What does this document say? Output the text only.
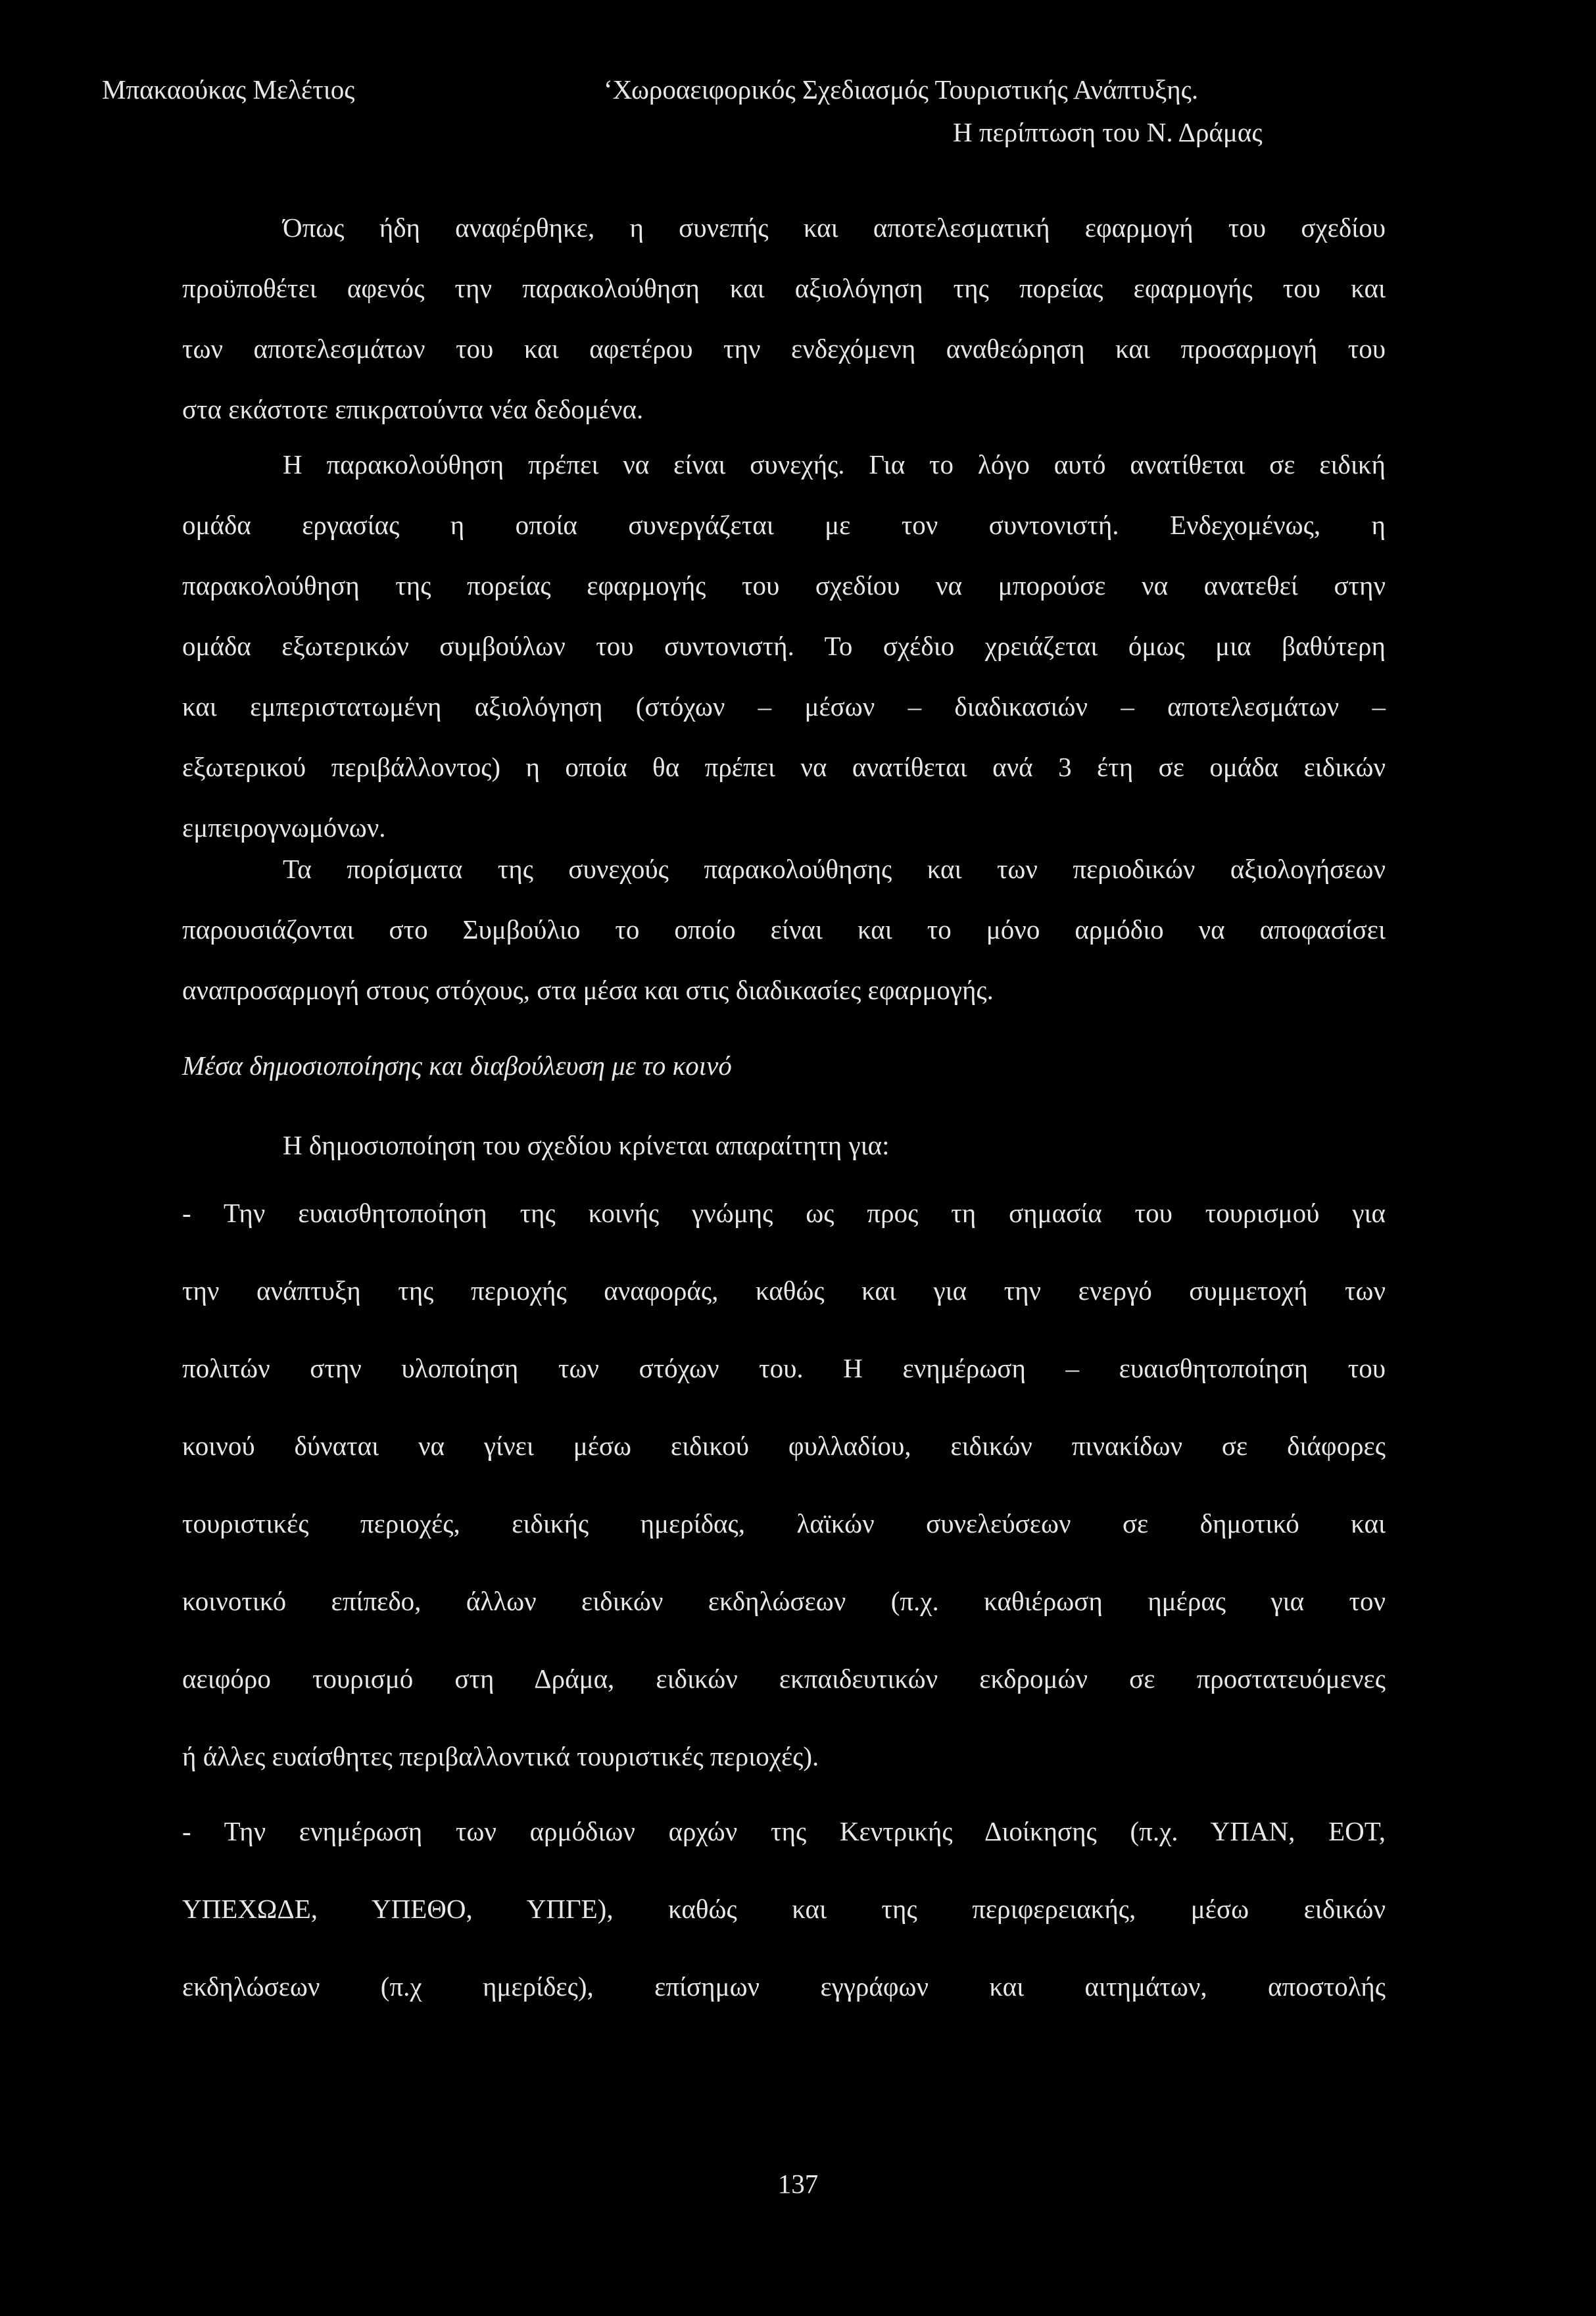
Μπακαούκας Μελέτιος	‘Χωροαειφορικός Σχεδιασμός Τουριστικής Ανάπτυξης.
Η περίπτωση του Ν. Δράμας

Όπως ήδη αναφέρθηκε, η συνεπής και αποτελεσματική εφαρμογή του σχεδίου

προϋποθέτει αφενός την παρακολούθηση και αξιολόγηση της πορείας εφαρμογής του και

των αποτελεσμάτων του και αφετέρου την ενδεχόμενη αναθεώρηση και προσαρμογή του

στα εκάστοτε επικρατούντα νέα δεδομένα.

Η παρακολούθηση πρέπει να είναι συνεχής. Για το λόγο αυτό ανατίθεται σε ειδική

ομάδα εργασίας η οποία συνεργάζεται με τον συντονιστή. Ενδεχομένως, η

παρακολούθηση της πορείας εφαρμογής του σχεδίου να μπορούσε να ανατεθεί στην

ομάδα εξωτερικών συμβούλων του συντονιστή. Το σχέδιο χρειάζεται όμως μια βαθύτερη

και εμπεριστατωμένη αξιολόγηση (στόχων – μέσων – διαδικασιών – αποτελεσμάτων –

εξωτερικού περιβάλλοντος) η οποία θα πρέπει να ανατίθεται ανά 3 έτη σε ομάδα ειδικών

εμπειρογνωμόνων.

Τα πορίσματα της συνεχούς παρακολούθησης και των περιοδικών αξιολογήσεων

παρουσιάζονται στο Συμβούλιο το οποίο είναι και το μόνο αρμόδιο να αποφασίσει

αναπροσαρμογή στους στόχους, στα μέσα και στις διαδικασίες εφαρμογής.

Μέσα δημοσιοποίησης και διαβούλευση με το κοινό
Η δημοσιοποίηση του σχεδίου κρίνεται απαραίτητη για:

- Την ευαισθητοποίηση της κοινής γνώμης ως προς τη σημασία του τουρισμού για

την ανάπτυξη της περιοχής αναφοράς, καθώς και για την ενεργό συμμετοχή των

πολιτών στην υλοποίηση των στόχων του. Η ενημέρωση – ευαισθητοποίηση του

κοινού δύναται να γίνει μέσω ειδικού φυλλαδίου, ειδικών πινακίδων σε διάφορες

τουριστικές περιοχές, ειδικής ημερίδας, λαϊκών συνελεύσεων σε δημοτικό και

κοινοτικό επίπεδο, άλλων ειδικών εκδηλώσεων (π.χ. καθιέρωση ημέρας για τον

αειφόρο τουρισμό στη Δράμα, ειδικών εκπαιδευτικών εκδρομών σε προστατευόμενες

ή άλλες ευαίσθητες περιβαλλοντικά τουριστικές περιοχές).

- Την ενημέρωση των αρμόδιων αρχών της Κεντρικής Διοίκησης (π.χ. ΥΠΑΝ, ΕΟΤ,

ΥΠΕΧΩΔΕ, ΥΠΕΘΟ, ΥΠΓΕ), καθώς και της περιφερειακής, μέσω ειδικών

εκδηλώσεων (π.χ ημερίδες), επίσημων εγγράφων και αιτημάτων, αποστολής

137
